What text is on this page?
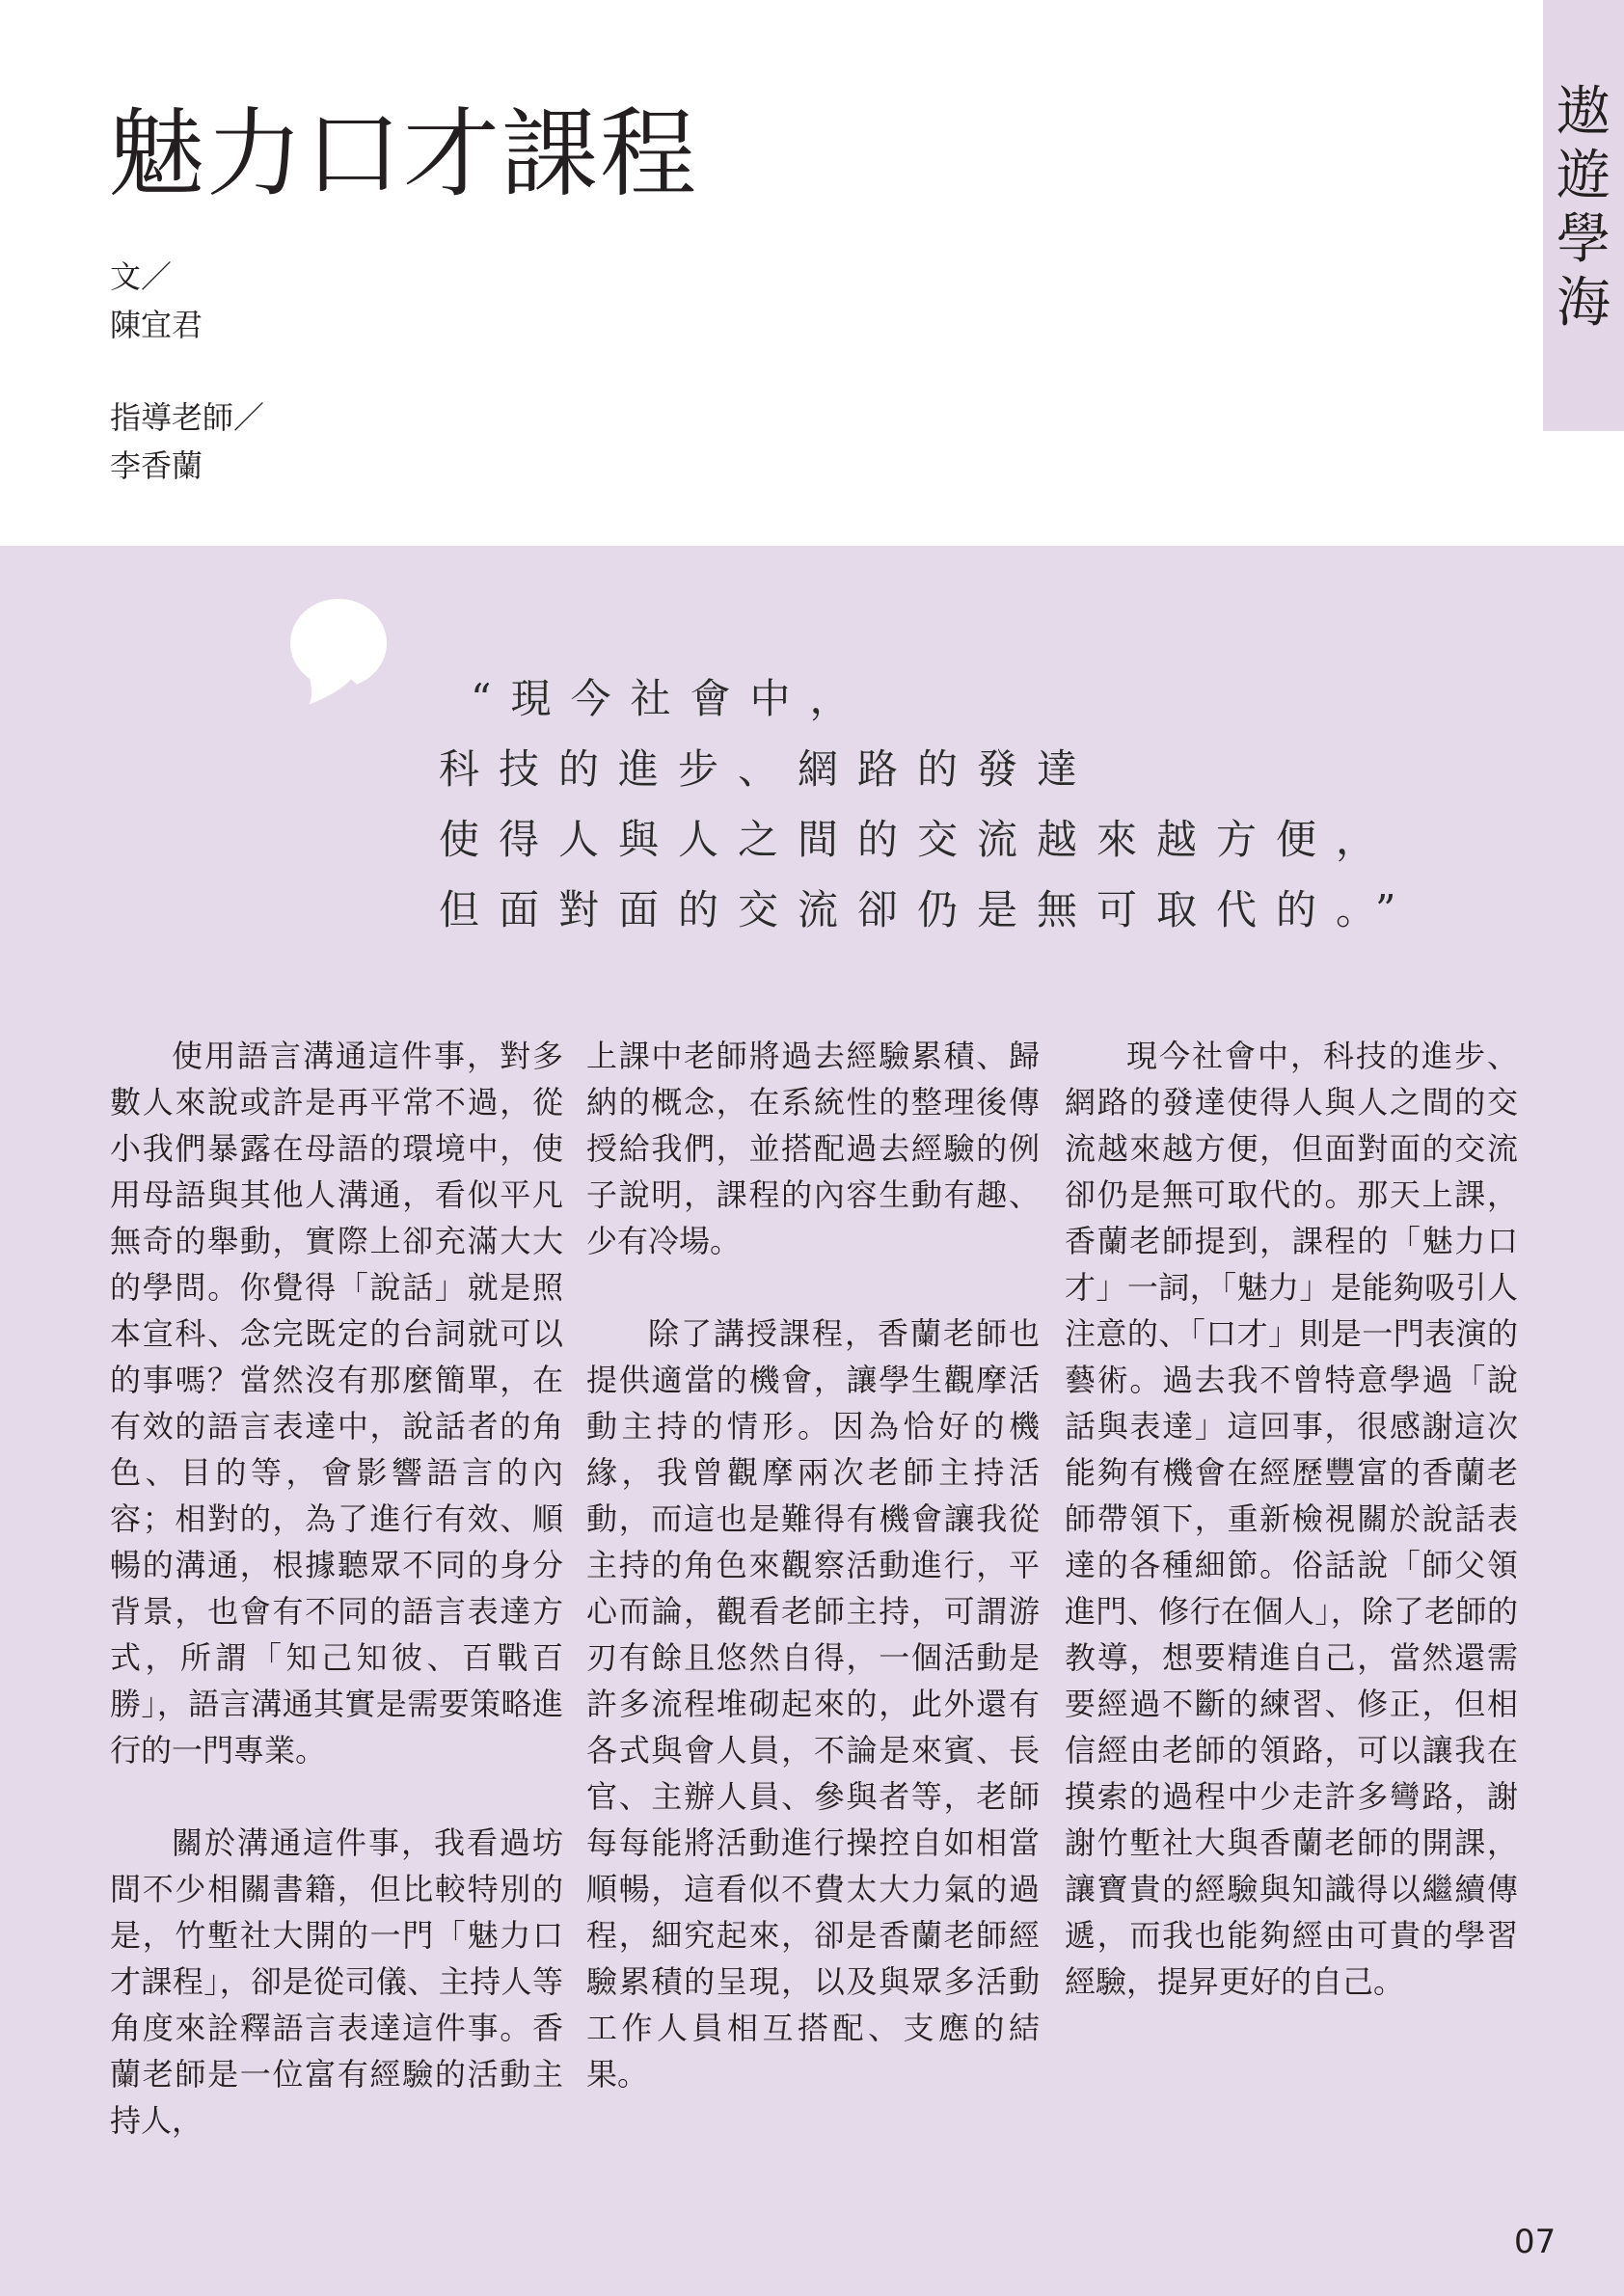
魅力口才課程
文／
陳宜君
指導老師／
李香蘭
遨
遊
學
海
“現今社會中，
科技的進步、網路的發達
使得人與人之間的交流越來越方便，
但面對面的交流卻仍是無可取代的。”

使用語言溝通這件事，對多數人來說或許是再平常不過，從小我們暴露在母語的環境中，使用母語與其他人溝通，看似平凡無奇的舉動，實際上卻充滿大大的學問。你覺得「說話」就是照本宣科、念完既定的台詞就可以的事嗎？當然沒有那麼簡單，在有效的語言表達中，說話者的角色、目的等，會影響語言的內容；相對的，為了進行有效、順暢的溝通，根據聽眾不同的身分背景，也會有不同的語言表達方式，所謂「知己知彼、百戰百勝」，語言溝通其實是需要策略進行的一門專業。

關於溝通這件事，我看過坊間不少相關書籍，但比較特別的是，竹塹社大開的一門「魅力口才課程」，卻是從司儀、主持人等角度來詮釋語言表達這件事。香蘭老師是一位富有經驗的活動主持人，

上課中老師將過去經驗累積、歸納的概念，在系統性的整理後傳授給我們，並搭配過去經驗的例子說明，課程的內容生動有趣、少有冷場。

除了講授課程，香蘭老師也提供適當的機會，讓學生觀摩活動主持的情形。因為恰好的機緣，我曾觀摩兩次老師主持活動，而這也是難得有機會讓我從主持的角色來觀察活動進行，平心而論，觀看老師主持，可謂游刃有餘且悠然自得，一個活動是許多流程堆砌起來的，此外還有各式與會人員，不論是來賓、長官、主辦人員、參與者等，老師每每能將活動進行操控自如相當順暢，這看似不費太大力氣的過程，細究起來，卻是香蘭老師經驗累積的呈現，以及與眾多活動工作人員相互搭配、支應的結果。

現今社會中，科技的進步、網路的發達使得人與人之間的交流越來越方便，但面對面的交流卻仍是無可取代的。那天上課，香蘭老師提到，課程的「魅力口才」一詞，「魅力」是能夠吸引人注意的、「口才」則是一門表演的藝術。過去我不曾特意學過「說話與表達」這回事，很感謝這次能夠有機會在經歷豐富的香蘭老師帶領下，重新檢視關於說話表達的各種細節。俗話說「師父領進門、修行在個人」，除了老師的教導，想要精進自己，當然還需要經過不斷的練習、修正，但相信經由老師的領路，可以讓我在摸索的過程中少走許多彎路，謝謝竹塹社大與香蘭老師的開課，讓寶貴的經驗與知識得以繼續傳遞，而我也能夠經由可貴的學習經驗，提昇更好的自己。

07
